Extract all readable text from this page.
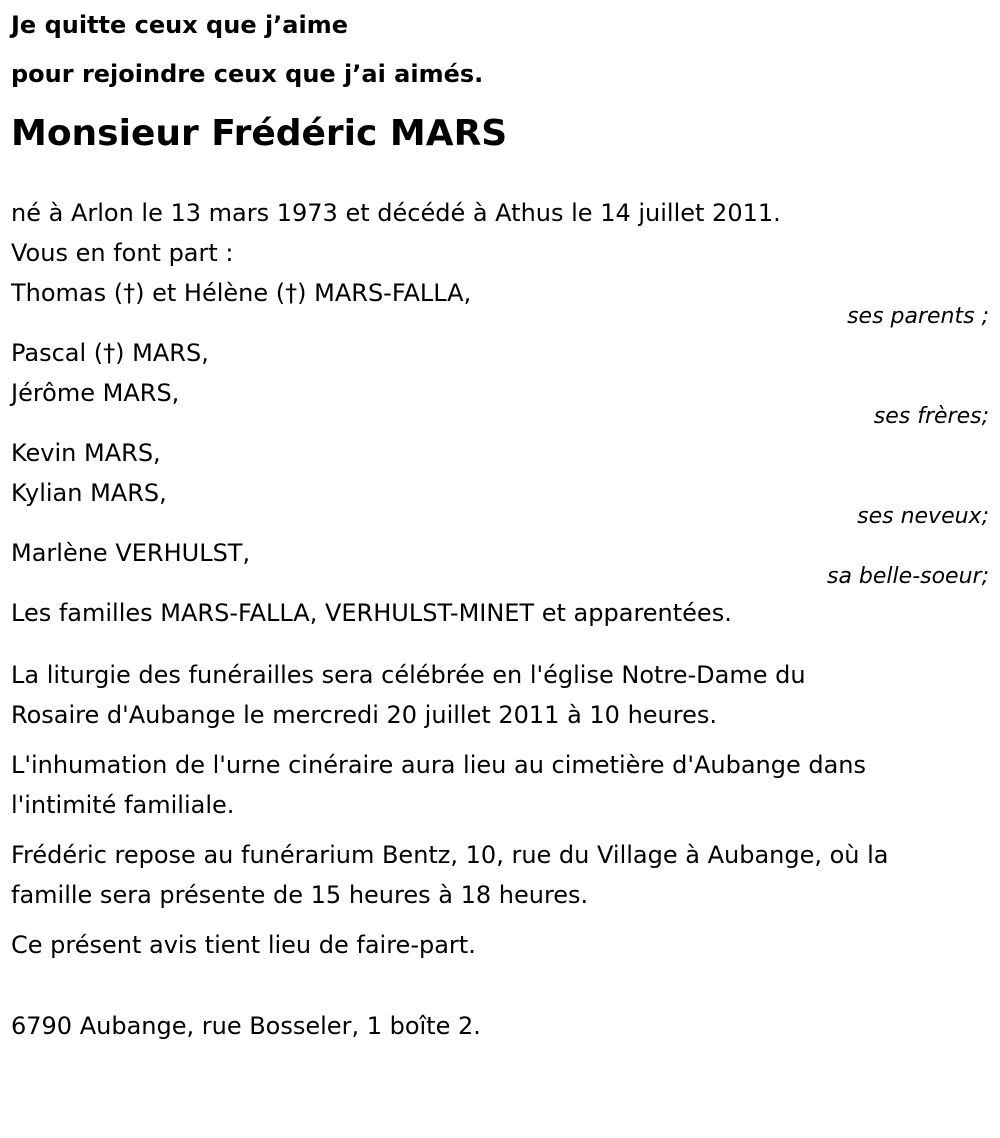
Je quitte ceux que j’aime

pour rejoindre ceux que j’ai aimés.

Monsieur Frédéric MARS

né à Arlon le 13 mars 1973 et décédé à Athus le 14 juillet 2011.

Vous en font part :

Thomas (†) et Hélène (†) MARS-FALLA,

ses parents ;

Pascal (†) MARS,

Jérôme MARS,

ses frères;

Kevin MARS,

Kylian MARS,

ses neveux;

Marlène VERHULST,

sa belle-soeur;

Les familles MARS-FALLA, VERHULST-MINET et apparentées.

La liturgie des funérailles sera célébrée en l'église Notre-Dame du
Rosaire d'Aubange le mercredi 20 juillet 2011 à 10 heures.
L'inhumation de l'urne cinéraire aura lieu au cimetière d'Aubange dans
l'intimité familiale.
Frédéric repose au funérarium Bentz, 10, rue du Village à Aubange, où la
famille sera présente de 15 heures à 18 heures.
Ce présent avis tient lieu de faire-part.

6790 Aubange, rue Bosseler, 1 boîte 2.
